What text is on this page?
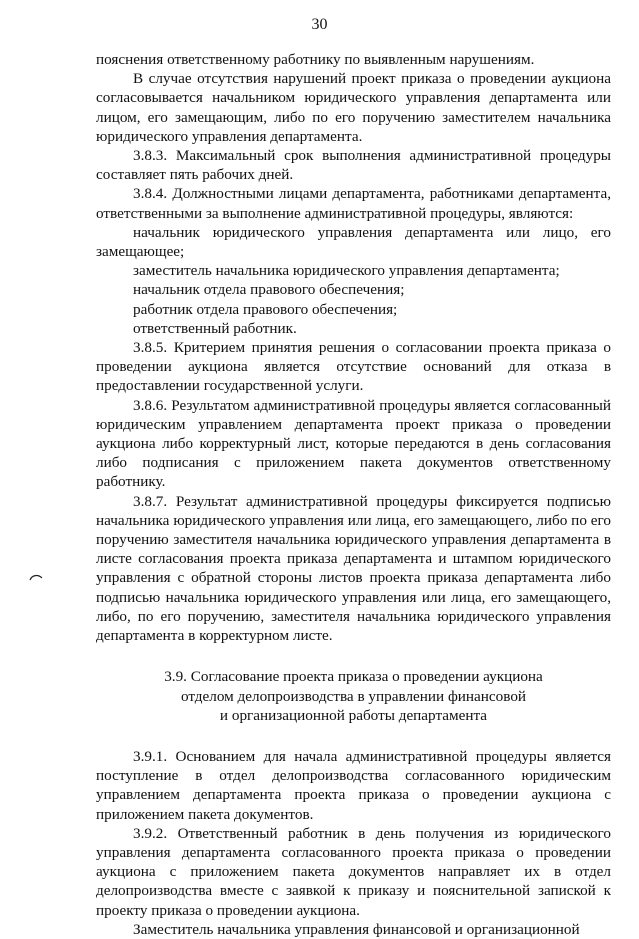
30

пояснения ответственному работнику по выявленным нарушениям.

В случае отсутствия нарушений проект приказа о проведении аукциона согласовывается начальником юридического управления департамента или лицом, его замещающим, либо по его поручению заместителем начальника юридического управления департамента.

3.8.3. Максимальный срок выполнения административной процедуры составляет пять рабочих дней.

3.8.4. Должностными лицами департамента, работниками департамента, ответственными за выполнение административной процедуры, являются:

начальник юридического управления департамента или лицо, его замещающее;

заместитель начальника юридического управления департамента;

начальник отдела правового обеспечения;

работник отдела правового обеспечения;

ответственный работник.

3.8.5. Критерием принятия решения о согласовании проекта приказа о проведении аукциона является отсутствие оснований для отказа в предоставлении государственной услуги.

3.8.6. Результатом административной процедуры является согласованный юридическим управлением департамента проект приказа о проведении аукциона либо корректурный лист, которые передаются в день согласования либо подписания с приложением пакета документов ответственному работнику.

3.8.7. Результат административной процедуры фиксируется подписью начальника юридического управления или лица, его замещающего, либо по его поручению заместителя начальника юридического управления департамента в листе согласования проекта приказа департамента и штампом юридического управления с обратной стороны листов проекта приказа департамента либо подписью начальника юридического управления или лица, его замещающего, либо, по его поручению, заместителя начальника юридического управления департамента в корректурном листе.

3.9. Согласование проекта приказа о проведении аукциона
отделом делопроизводства в управлении финансовой
и организационной работы департамента

3.9.1. Основанием для начала административной процедуры является поступление в отдел делопроизводства согласованного юридическим управлением департамента проекта приказа о проведении аукциона с приложением пакета документов.

3.9.2. Ответственный работник в день получения из юридического управления департамента согласованного проекта приказа о проведении аукциона с приложением пакета документов направляет их в отдел делопроизводства вместе с заявкой к приказу и пояснительной запиской к проекту приказа о проведении аукциона.

Заместитель начальника управления финансовой и организационной
